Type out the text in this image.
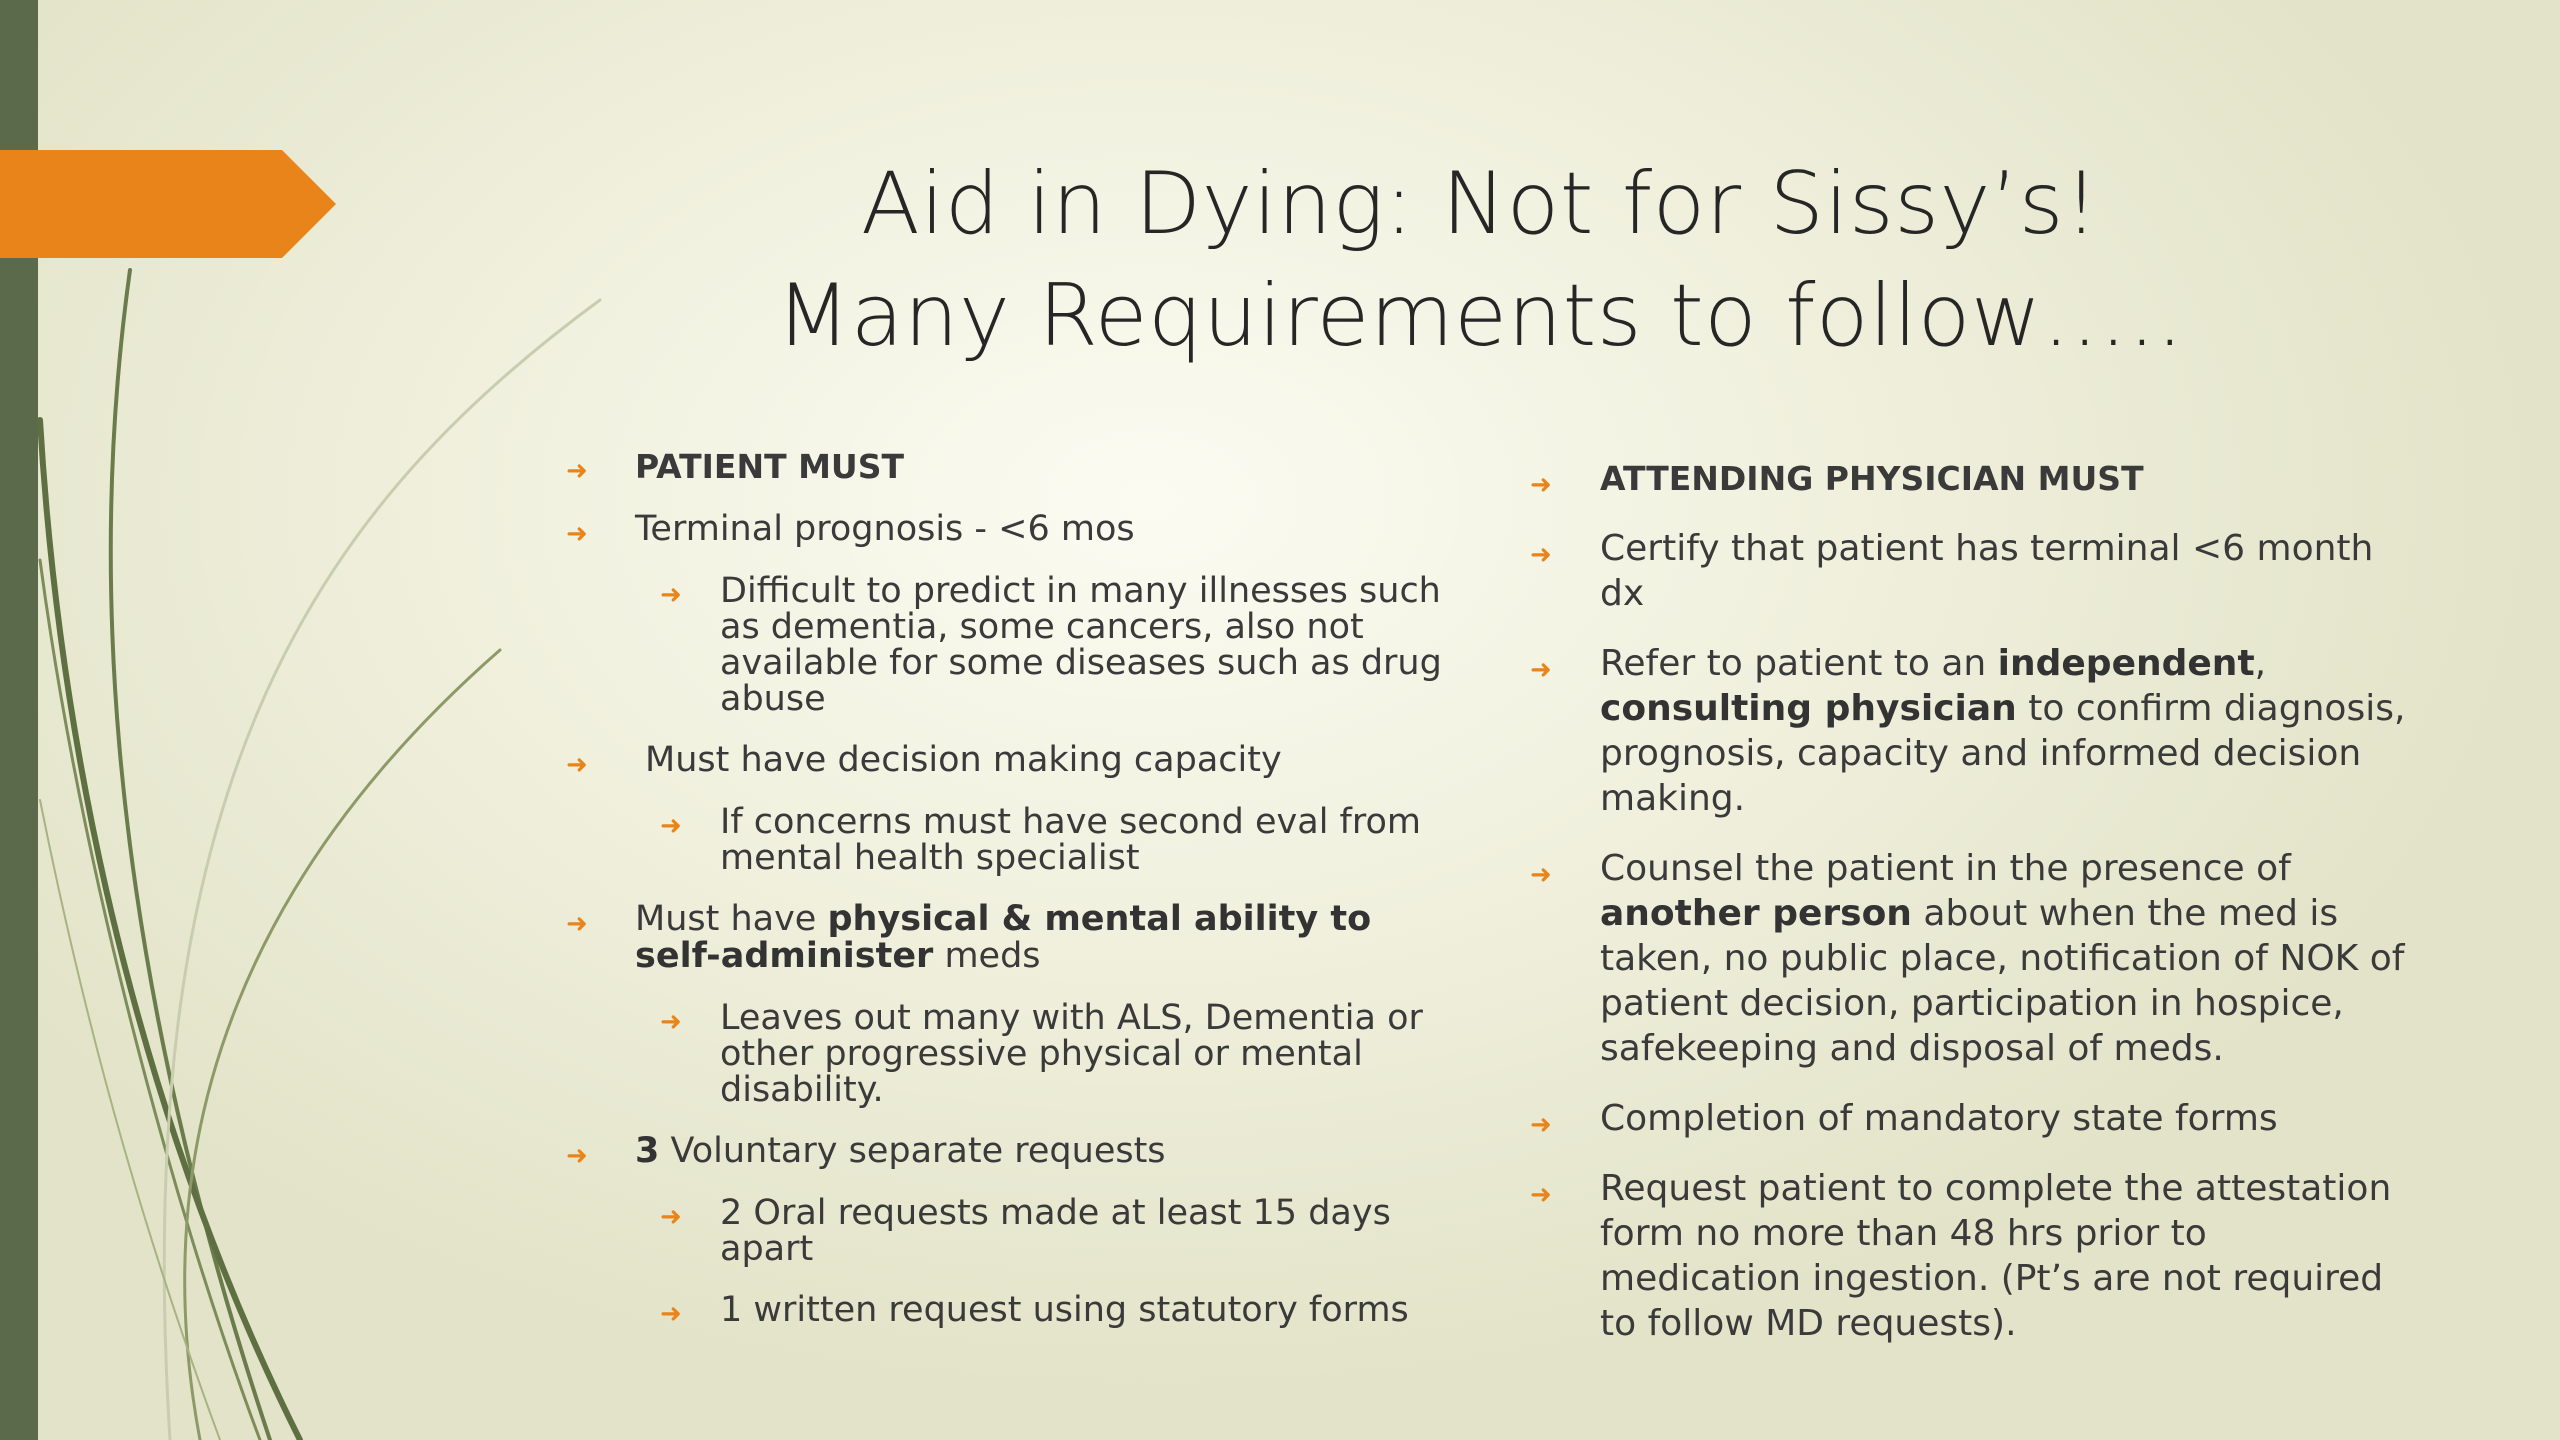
Aid in Dying: Not for Sissy’s!
Many Requirements to follow…..
➜ PATIENT MUST
➜ Terminal prognosis - <6 mos
➜ Difficult to predict in many illnesses such as dementia, some cancers, also not available for some diseases such as drug abuse
➜ Must have decision making capacity
➜ If concerns must have second eval from mental health specialist
➜ Must have physical & mental ability to self-administer meds
➜ Leaves out many with ALS, Dementia or other progressive physical or mental disability.
➜ 3 Voluntary separate requests
➜ 2 Oral requests made at least 15 days apart
➜ 1 written request using statutory forms
➜ ATTENDING PHYSICIAN MUST
➜ Certify that patient has terminal <6 month dx
➜ Refer to patient to an independent,
consulting physician to confirm diagnosis, prognosis, capacity and informed decision making.
➜ Counsel the patient in the presence of another person about when the med is taken, no public place, notification of NOK of patient decision, participation in hospice, safekeeping and disposal of meds.
➜ Completion of mandatory state forms
➜ Request patient to complete the attestation form no more than 48 hrs prior to medication ingestion. (Pt’s are not required to follow MD requests).
